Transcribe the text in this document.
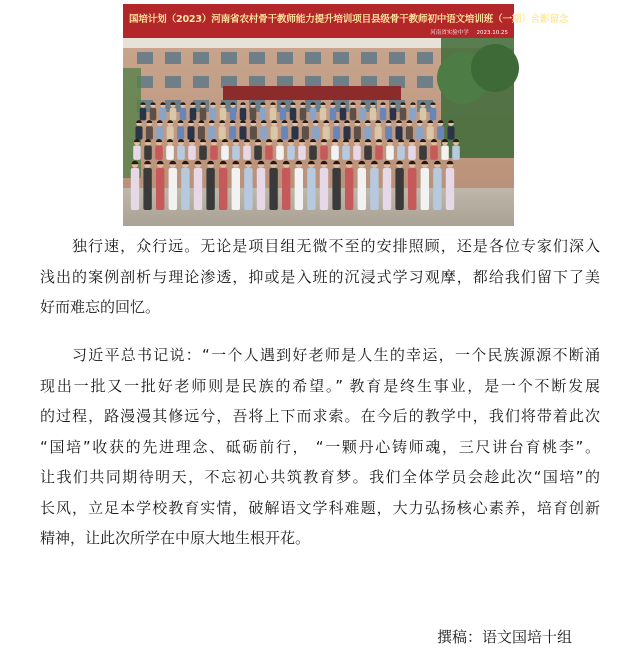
国培计划（2023）河南省农村骨干教师能力提升培训项目县级骨干教师初中语文培训班（一期）合影留念
河南省实验中学 2023.10.25
独行速，众行远。无论是项目组无微不至的安排照顾，还是各位专家们深入
浅出的案例剖析与理论渗透，抑或是入班的沉浸式学习观摩，都给我们留下了美
好而难忘的回忆。
习近平总书记说：“一个人遇到好老师是人生的幸运，一个民族源源不断涌
现出一批又一批好老师则是民族的希望。” 教育是终生事业，是一个不断发展
的过程，路漫漫其修远兮，吾将上下而求索。在今后的教学中，我们将带着此次
“国培”收获的先进理念、砥砺前行， “一颗丹心铸师魂，三尺讲台育桃李”。
让我们共同期待明天，不忘初心共筑教育梦。我们全体学员会趁此次“国培”的
长风，立足本学校教育实情，破解语文学科难题，大力弘扬核心素养，培育创新
精神，让此次所学在中原大地生根开花。
撰稿：语文国培十组
